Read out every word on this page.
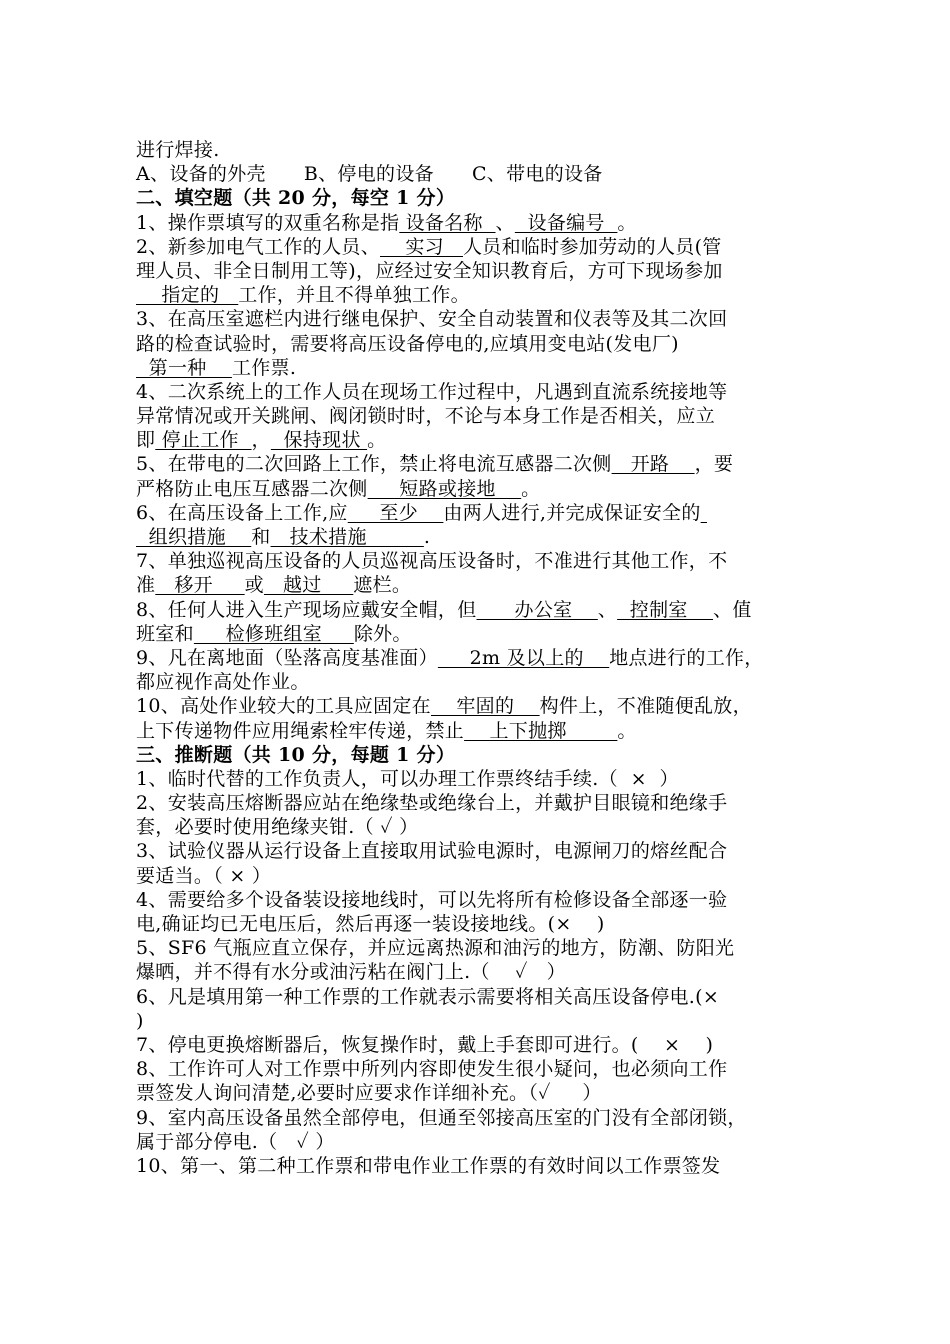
进行焊接.
A、设备的外壳      B、停电的设备      C、带电的设备
二、填空题（共 20 分，每空 1 分）
1、操作票填写的双重名称是指 设备名称  、  设备编号  。
2、新参加电气工作的人员、    实习   人员和临时参加劳动的人员(管
理人员、非全日制用工等)，应经过安全知识教育后，方可下现场参加
指定的   工作，并且不得单独工作。
3、在高压室遮栏内进行继电保护、安全自动装置和仪表等及其二次回
路的检查试验时，需要将高压设备停电的,应填用变电站(发电厂)
第一种    工作票.
4、二次系统上的工作人员在现场工作过程中，凡遇到直流系统接地等
异常情况或开关跳闸、阀闭锁时时，不论与本身工作是否相关，应立
即 停止工作  ，  保持现状 。
5、在带电的二次回路上工作，禁止将电流互感器二次侧   开路    ，要
严格防止电压互感器二次侧     短路或接地    。
6、在高压设备上工作,应     至少    由两人进行,并完成保证安全的
组织措施    和   技术措施         .
7、单独巡视高压设备的人员巡视高压设备时，不准进行其他工作，不
准   移开     或   越过     遮栏。
8、任何人进入生产现场应戴安全帽，但      办公室    、  控制室    、值
班室和     检修班组室     除外。
9、凡在离地面（坠落高度基准面）     2m 及以上的    地点进行的工作，
都应视作高处作业。
10、高处作业较大的工具应固定在    牢固的    构件上，不准随便乱放，
上下传递物件应用绳索栓牢传递，禁止    上下抛掷        。
三、推断题（共 10 分，每题 1 分）
1、临时代替的工作负责人，可以办理工作票终结手续.（  ×  ）
2、安装高压熔断器应站在绝缘垫或绝缘台上，并戴护目眼镜和绝缘手
套，必要时使用绝缘夹钳.（ ✓ ）
3、试验仪器从运行设备上直接取用试验电源时，电源闸刀的熔丝配合
要适当。（ × ）
4、需要给多个设备装设接地线时，可以先将所有检修设备全部逐一验
电,确证均已无电压后，然后再逐一装设接地线。(×    )
5、SF6 气瓶应直立保存，并应远离热源和油污的地方，防潮、防阳光
爆晒，并不得有水分或油污粘在阀门上.（    ✓   ）
6、凡是填用第一种工作票的工作就表示需要将相关高压设备停电.(×
)
7、停电更换熔断器后，恢复操作时，戴上手套即可进行。(    ×    )
8、工作许可人对工作票中所列内容即使发生很小疑问，也必须向工作
票签发人询问清楚,必要时应要求作详细补充。（✓     ）
9、室内高压设备虽然全部停电，但通至邻接高压室的门没有全部闭锁，
属于部分停电.（   ✓ ）
10、第一、第二种工作票和带电作业工作票的有效时间以工作票签发
